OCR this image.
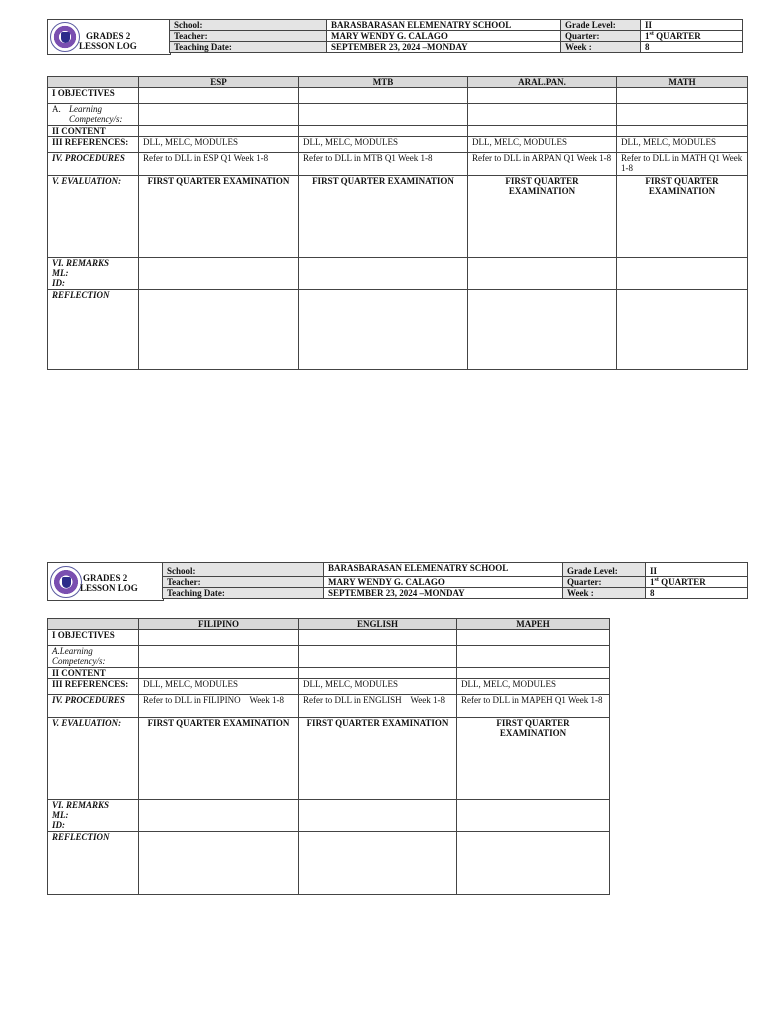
GRADES 2
LESSON LOG
School:	BARASBARASAN ELEMENATRY SCHOOL	Grade Level:	II
Teacher:	MARY WENDY G. CALAGO	Quarter:	1st QUARTER
Teaching Date:	SEPTEMBER 23, 2024 –MONDAY	Week :	8
	ESP	MTB	ARAL.PAN.	MATH
I OBJECTIVES				
A. Learning
Competency/s:				
II CONTENT				
III REFERENCES:	DLL, MELC, MODULES	DLL, MELC, MODULES	DLL, MELC, MODULES	DLL, MELC, MODULES
IV. PROCEDURES	Refer to DLL in ESP Q1 Week 1-8	Refer to DLL in MTB Q1 Week 1-8	Refer to DLL in ARPAN Q1 Week 1-8	Refer to DLL in MATH Q1 Week 1-8
V. EVALUATION:	FIRST QUARTER EXAMINATION	FIRST QUARTER EXAMINATION	FIRST QUARTER EXAMINATION	FIRST QUARTER EXAMINATION
VI. REMARKS
ML:
ID:				
REFLECTION				
GRADES 2
LESSON LOG
School:	BARASBARASAN ELEMENATRY SCHOOL	Grade Level:	II
Teacher:	MARY WENDY G. CALAGO	Quarter:	1st QUARTER
Teaching Date:	SEPTEMBER 23, 2024 –MONDAY	Week :	8
	FILIPINO	ENGLISH	MAPEH
I OBJECTIVES			
A.Learning
Competency/s:			
II CONTENT			
III REFERENCES:	DLL, MELC, MODULES	DLL, MELC, MODULES	DLL, MELC, MODULES
IV. PROCEDURES	Refer to DLL in FILIPINO    Week 1-8	Refer to DLL in ENGLISH    Week 1-8	Refer to DLL in MAPEH Q1 Week 1-8
V. EVALUATION:	FIRST QUARTER EXAMINATION	FIRST QUARTER EXAMINATION	FIRST QUARTER EXAMINATION
VI. REMARKS
ML:
ID:			
REFLECTION			
